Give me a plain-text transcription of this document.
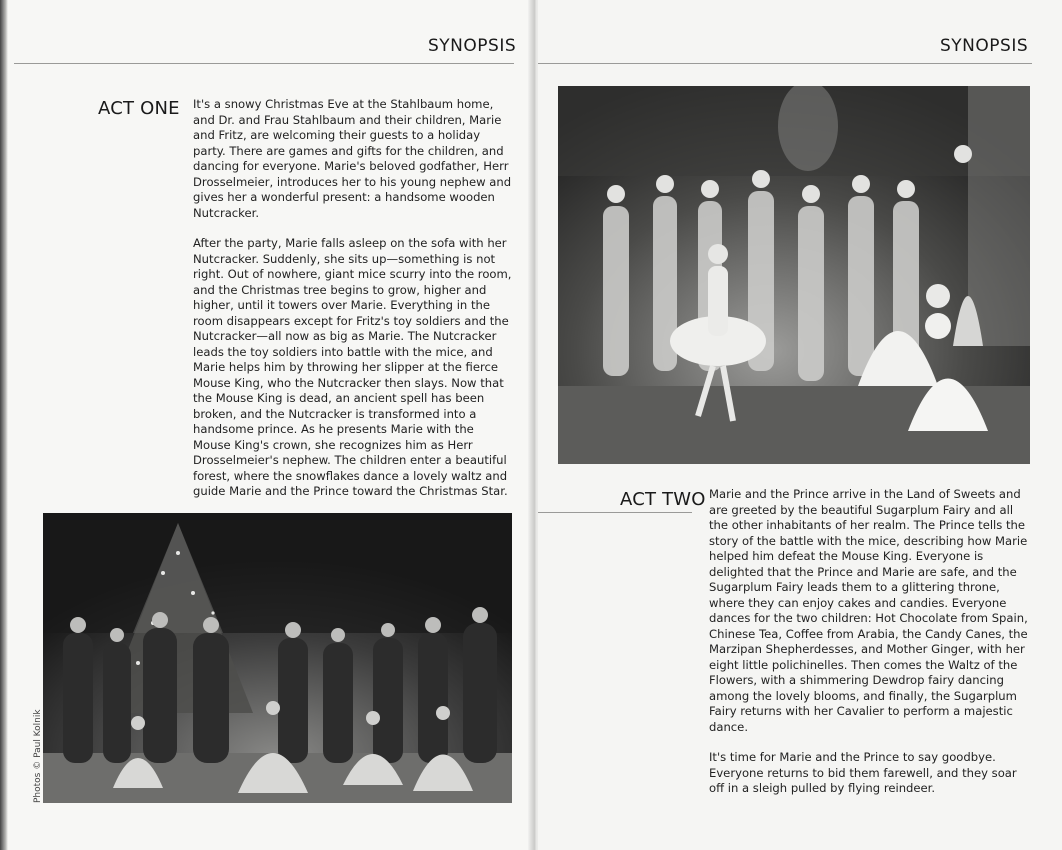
SYNOPSIS
ACT ONE It's a snowy Christmas Eve at the Stahlbaum home, and Dr. and Frau Stahlbaum and their children, Marie and Fritz, are welcoming their guests to a holiday party. There are games and gifts for the children, and dancing for everyone. Marie's beloved godfather, Herr Drosselmeier, introduces her to his young nephew and gives her a wonderful present: a handsome wooden Nutcracker.

After the party, Marie falls asleep on the sofa with her Nutcracker. Suddenly, she sits up—something is not right. Out of nowhere, giant mice scurry into the room, and the Christmas tree begins to grow, higher and higher, until it towers over Marie. Everything in the room disappears except for Fritz's toy soldiers and the Nutcracker—all now as big as Marie. The Nutcracker leads the toy soldiers into battle with the mice, and Marie helps him by throwing her slipper at the fierce Mouse King, who the Nutcracker then slays. Now that the Mouse King is dead, an ancient spell has been broken, and the Nutcracker is transformed into a handsome prince. As he presents Marie with the Mouse King's crown, she recognizes him as Herr Drosselmeier's nephew. The children enter a beautiful forest, where the snowflakes dance a lovely waltz and guide Marie and the Prince toward the Christmas Star.

Photos © Paul Kolnik
SYNOPSIS
ACT TWO Marie and the Prince arrive in the Land of Sweets and are greeted by the beautiful Sugarplum Fairy and all the other inhabitants of her realm. The Prince tells the story of the battle with the mice, describing how Marie helped him defeat the Mouse King. Everyone is delighted that the Prince and Marie are safe, and the Sugarplum Fairy leads them to a glittering throne, where they can enjoy cakes and candies. Everyone dances for the two children: Hot Chocolate from Spain, Chinese Tea, Coffee from Arabia, the Candy Canes, the Marzipan Shepherdesses, and Mother Ginger, with her eight little polichinelles. Then comes the Waltz of the Flowers, with a shimmering Dewdrop fairy dancing among the lovely blooms, and finally, the Sugarplum Fairy returns with her Cavalier to perform a majestic dance.

It's time for Marie and the Prince to say goodbye. Everyone returns to bid them farewell, and they soar off in a sleigh pulled by flying reindeer.
